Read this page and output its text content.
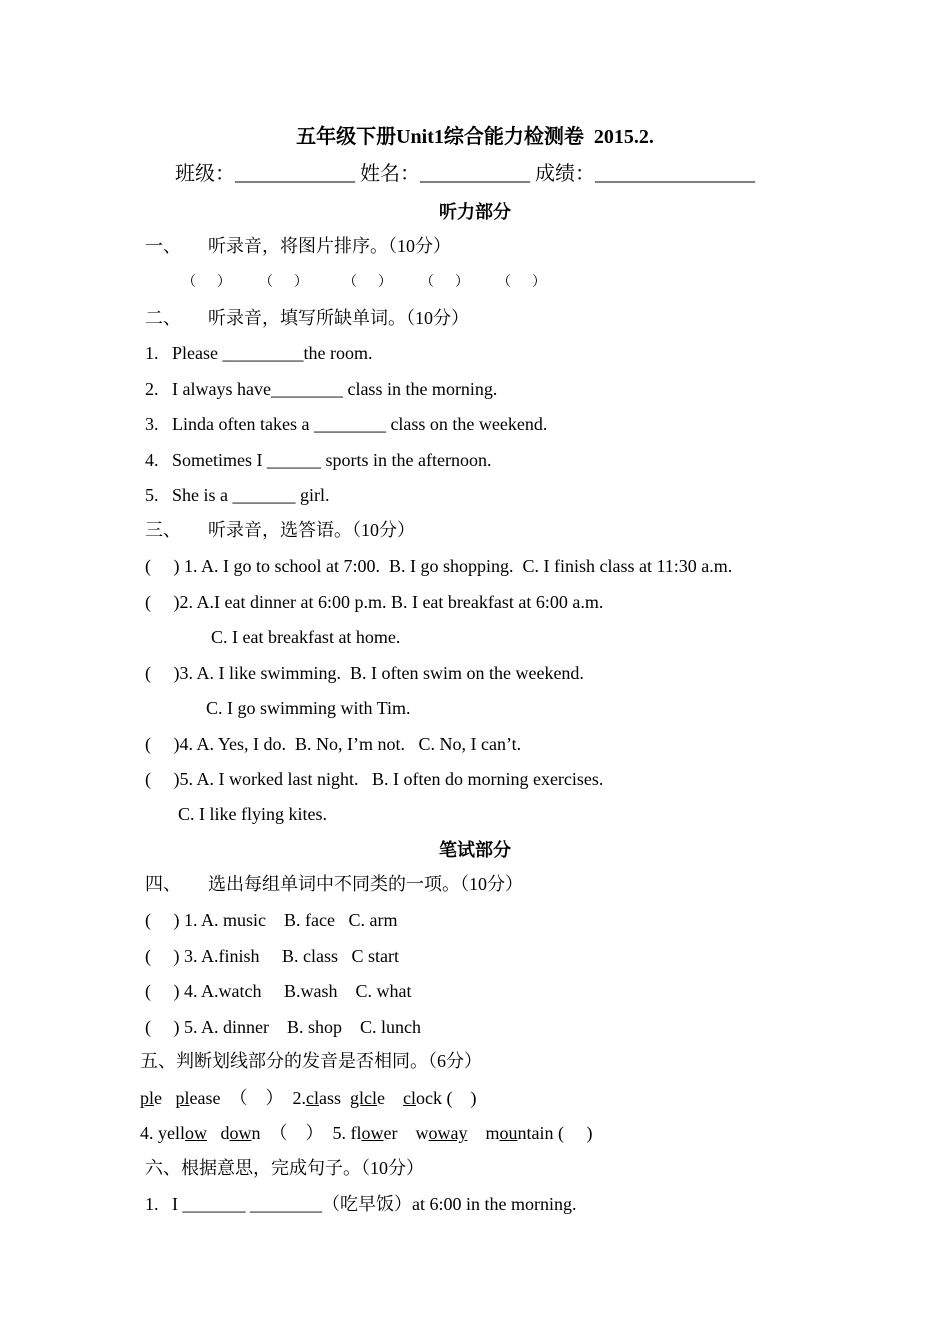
五年级下册Unit1综合能力检测卷  2015.2.
班级：____________ 姓名：___________ 成绩：________________
听力部分
一、      听录音，将图片排序。（10分）
（      ）        （      ）          （      ）        （      ）        （      ）
二、      听录音，填写所缺单词。（10分）
1.   Please _________the room.
2.   I always have________ class in the morning.
3.   Linda often takes a ________ class on the weekend.
4.   Sometimes I ______ sports in the afternoon.
5.   She is a _______ girl.
三、      听录音，选答语。（10分）
(     ) 1. A. I go to school at 7:00.  B. I go shopping.  C. I finish class at 11:30 a.m.
(     )2. A.I eat dinner at 6:00 p.m. B. I eat breakfast at 6:00 a.m.
C. I eat breakfast at home.
(     )3. A. I like swimming.  B. I often swim on the weekend.
C. I go swimming with Tim.
(     )4. A. Yes, I do.  B. No, I’m not.   C. No, I can’t.
(     )5. A. I worked last night.   B. I often do morning exercises.
C. I like flying kites.
笔试部分
四、      选出每组单词中不同类的一项。（10分）
(     ) 1. A. music    B. face   C. arm
(     ) 3. A.finish     B. class   C start
(     ) 4. A.watch     B.wash    C. what
(     ) 5. A. dinner    B. shop    C. lunch
五、判断划线部分的发音是否相同。（6分）
ple please （    ） 2.class glcle clock (    )
4. yellow down （    ） 5. flower woway mountain (     )
六、根据意思，完成句子。（10分）
1.   I _______ ________（吃早饭）at 6:00 in the morning.
